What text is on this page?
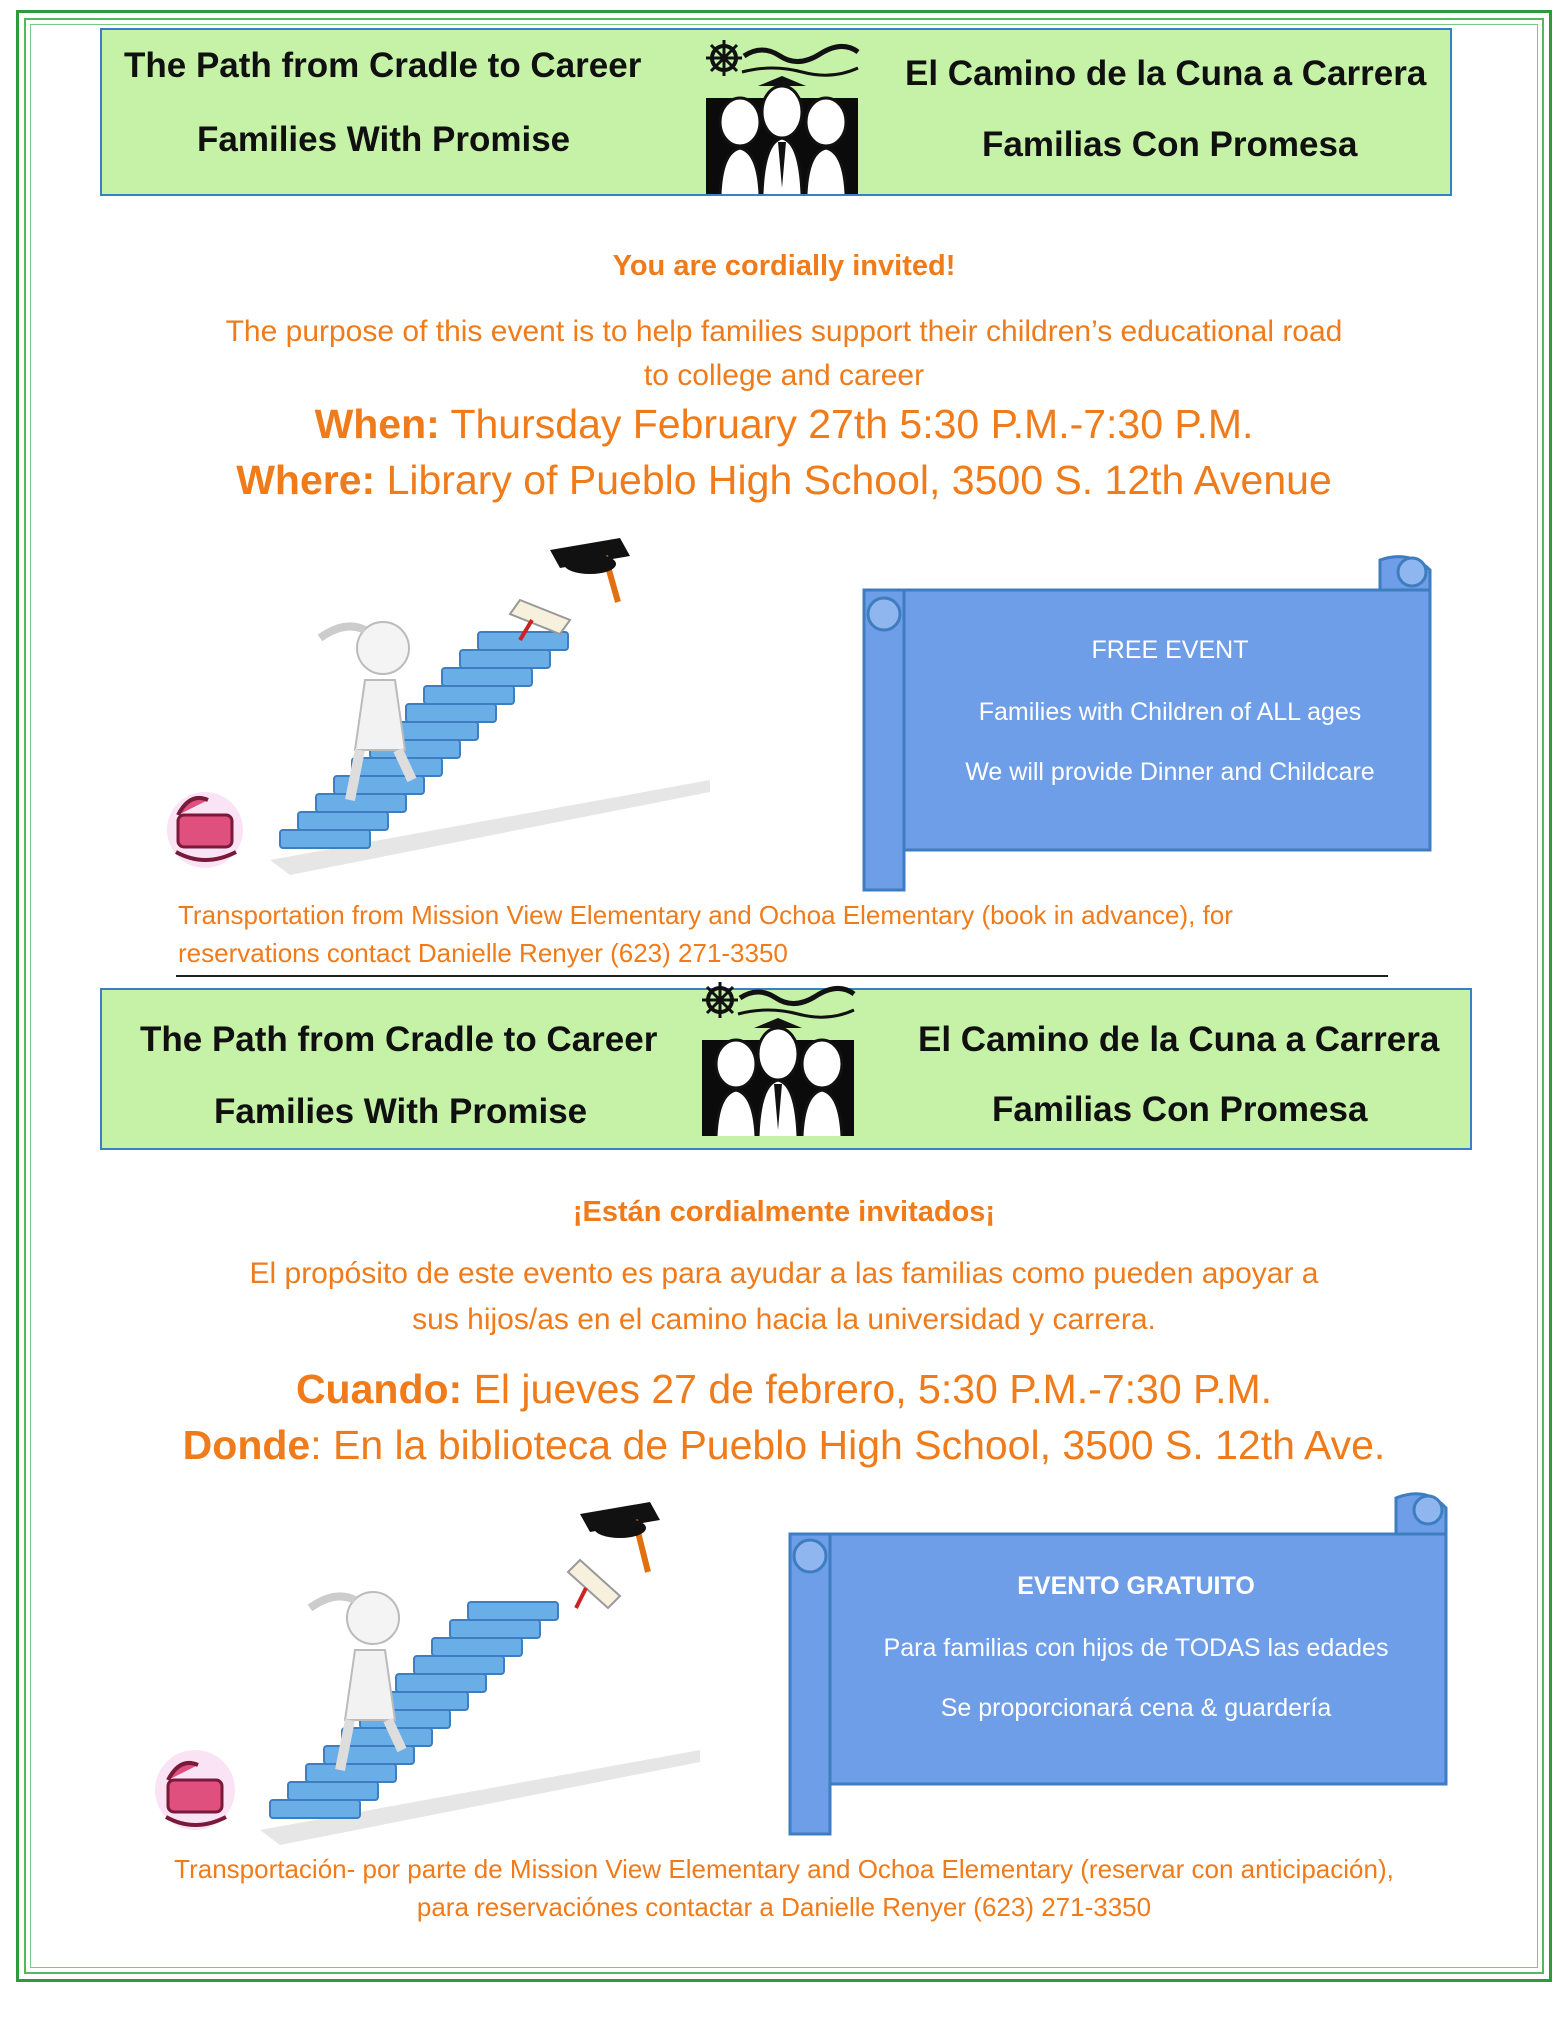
The Path from Cradle to Career
Families With Promise
El Camino de la Cuna a Carrera
Familias Con Promesa
You are cordially invited!
The purpose of this event is to help families support their children’s educational road
to college and career
When: Thursday February 27th 5:30 P.M.-7:30 P.M.
Where: Library of Pueblo High School, 3500 S. 12th Avenue
FREE EVENT
Families with Children of ALL ages
We will provide Dinner and Childcare
Transportation from Mission View Elementary and Ochoa Elementary (book in advance), for
reservations contact Danielle Renyer (623) 271-3350
The Path from Cradle to Career
Families With Promise
El Camino de la Cuna a Carrera
Familias Con Promesa
¡Están cordialmente invitados¡
El propósito de este evento es para ayudar a las familias como pueden apoyar a
sus hijos/as en el camino hacia la universidad y carrera.
Cuando: El jueves 27 de febrero, 5:30 P.M.-7:30 P.M.
Donde: En la biblioteca de Pueblo High School, 3500 S. 12th Ave.
EVENTO GRATUITO
Para familias con hijos de TODAS las edades
Se proporcionará cena & guardería
Transportación- por parte de Mission View Elementary and Ochoa Elementary (reservar con anticipación),
para reservaciónes contactar a Danielle Renyer (623) 271-3350
